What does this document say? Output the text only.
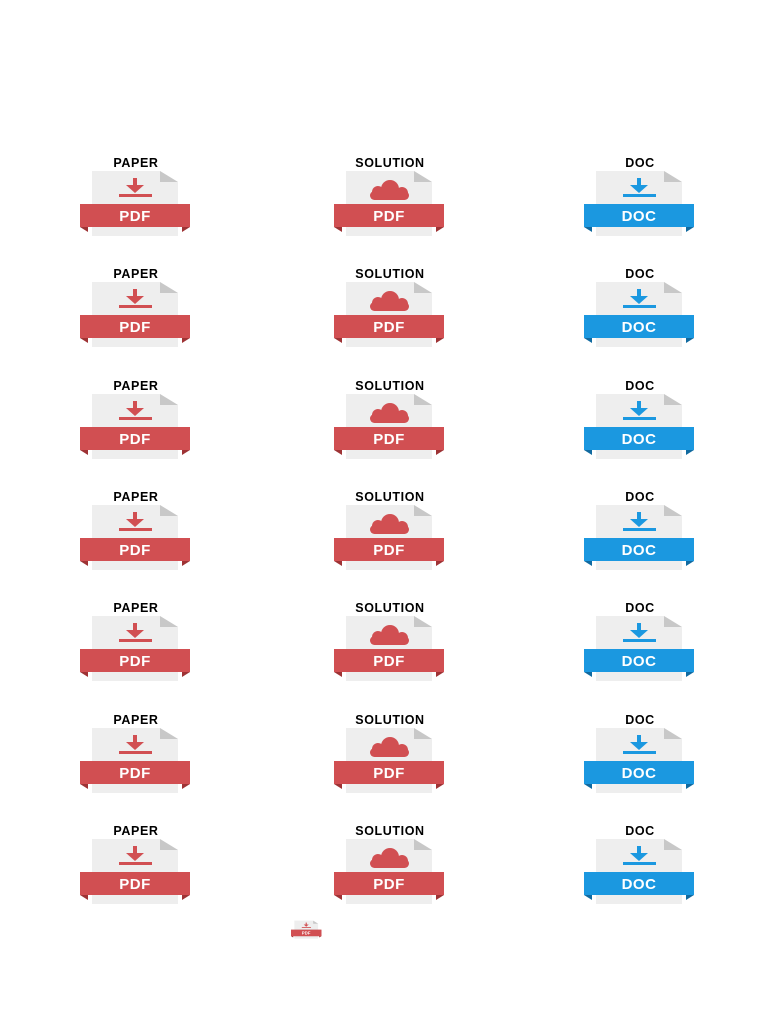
PAPER
PDF
SOLUTION
PDF
DOC
DOC
PAPER
PDF
SOLUTION
PDF
DOC
DOC
PAPER
PDF
SOLUTION
PDF
DOC
DOC
PAPER
PDF
SOLUTION
PDF
DOC
DOC
PAPER
PDF
SOLUTION
PDF
DOC
DOC
PAPER
PDF
SOLUTION
PDF
DOC
DOC
PAPER
PDF
SOLUTION
PDF
DOC
DOC
PDF
